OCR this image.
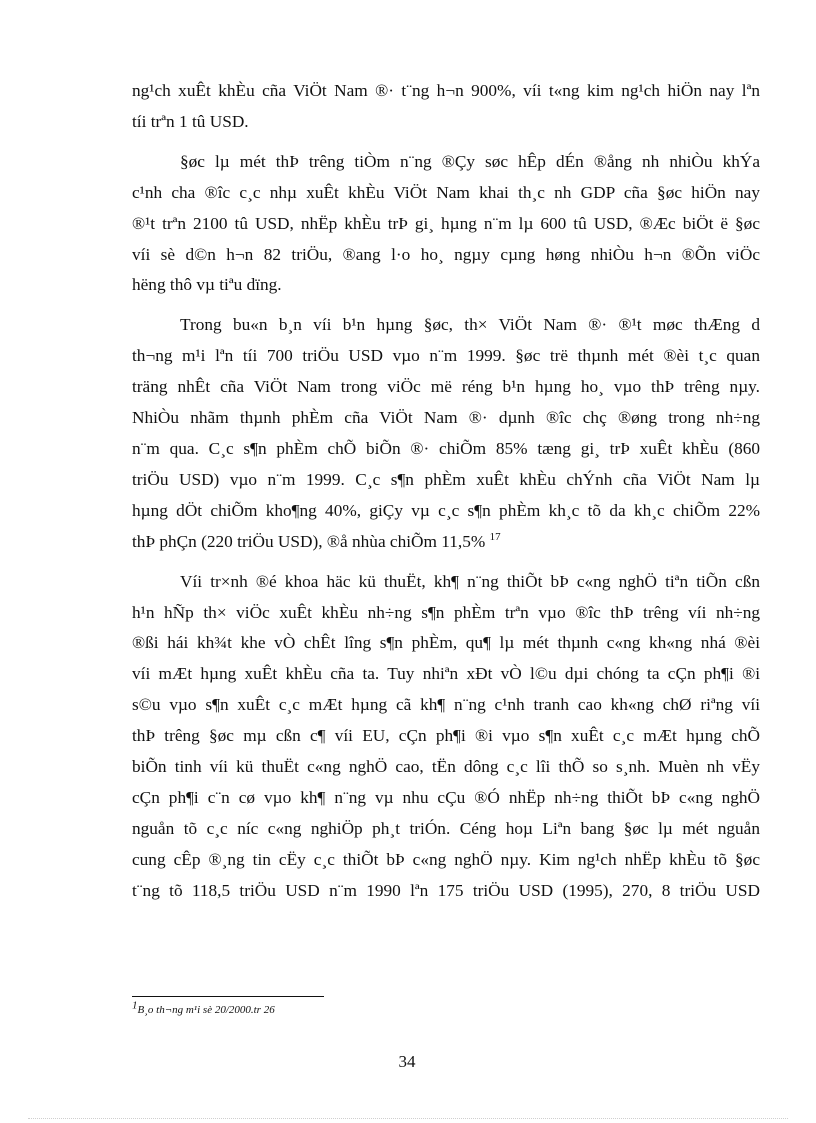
ng¹ch xuÊt khÈu cña ViÖt Nam ®· t¨ng h¬n 900%, víi t«ng kim ng¹ch hiÖn nay lªn
tíi trªn 1 tû USD.

§øc lµ mét thÞ trêng tiÒm n¨ng ®Çy søc hÊp dÉn ®ång nh nhiÒu khÝa
c¹nh cha ®îc c¸c nhµ xuÊt khÈu ViÖt Nam khai th¸c nh GDP cña §øc hiÖn nay
®¹t trªn 2100 tû USD, nhËp khÈu trÞ gi¸ hµng n¨m lµ 600 tû USD, ®Æc biÖt ë §øc
víi sè d©n h¬n 82 triÖu, ®ang l·o ho¸ ngµy cµng høng nhiÒu h¬n ®Õn viÖc
hëng thô vµ tiªu dïng.

Trong bu«n b¸n víi b¹n hµng §øc, th× ViÖt Nam ®· ®¹t møc thÆng d
th¬ng m¹i lªn tíi 700 triÖu USD vµo n¨m 1999. §øc trë thµnh mét ®èi t¸c quan
träng nhÊt cña ViÖt Nam trong viÖc më réng b¹n hµng ho¸ vµo thÞ trêng nµy.
NhiÒu nhãm thµnh phÈm cña ViÖt Nam ®· dµnh ®îc chç ®øng trong nh÷ng
n¨m qua. C¸c s¶n phÈm chÕ biÕn ®· chiÕm 85% tæng gi¸ trÞ xuÊt khÈu (860
triÖu USD) vµo n¨m 1999. C¸c s¶n phÈm xuÊt khÈu chÝnh cña ViÖt Nam lµ
hµng dÖt chiÕm kho¶ng 40%, giÇy vµ c¸c s¶n phÈm kh¸c tõ da kh¸c chiÕm 22%
thÞ phÇn (220 triÖu USD), ®å nhùa chiÕm 11,5% $^{17}$

Víi tr×nh ®é khoa häc kü thuËt, kh¶ n¨ng thiÕt bÞ c«ng nghÖ tiªn tiÕn cßn
h¹n hÑp th× viÖc xuÊt khÈu nh÷ng s¶n phÈm trªn vµo ®îc thÞ trêng víi nh÷ng
®ßi hái kh¾t khe vÒ chÊt lîng s¶n phÈm, qu¶ lµ mét thµnh c«ng kh«ng nhá ®èi
víi mÆt hµng xuÊt khÈu cña ta. Tuy nhiªn xÐt vÒ l©u dµi chóng ta cÇn ph¶i ®i
s©u vµo s¶n xuÊt c¸c mÆt hµng cã kh¶ n¨ng c¹nh tranh cao kh«ng chØ riªng víi
thÞ trêng §øc mµ cßn c¶ víi EU, cÇn ph¶i ®i vµo s¶n xuÊt c¸c mÆt hµng chÕ
biÕn tinh víi kü thuËt c«ng nghÖ cao, tËn dông c¸c lîi thÕ so s¸nh. Muèn nh vËy
cÇn ph¶i c¨n cø vµo kh¶ n¨ng vµ nhu cÇu ®Ó nhËp nh÷ng thiÕt bÞ c«ng nghÖ
nguån tõ c¸c níc c«ng nghiÖp ph¸t triÓn. Céng hoµ Liªn bang §øc lµ mét nguån
cung cÊp ®¸ng tin cËy c¸c thiÕt bÞ c«ng nghÖ nµy. Kim ng¹ch nhËp khÈu tõ §øc
t¨ng tõ 118,5 triÖu USD n¨m 1990 lªn 175 triÖu USD (1995), 270, 8 triÖu USD

$^1$B¸o th¬ng m¹i sè 20/2000.tr 26
34
